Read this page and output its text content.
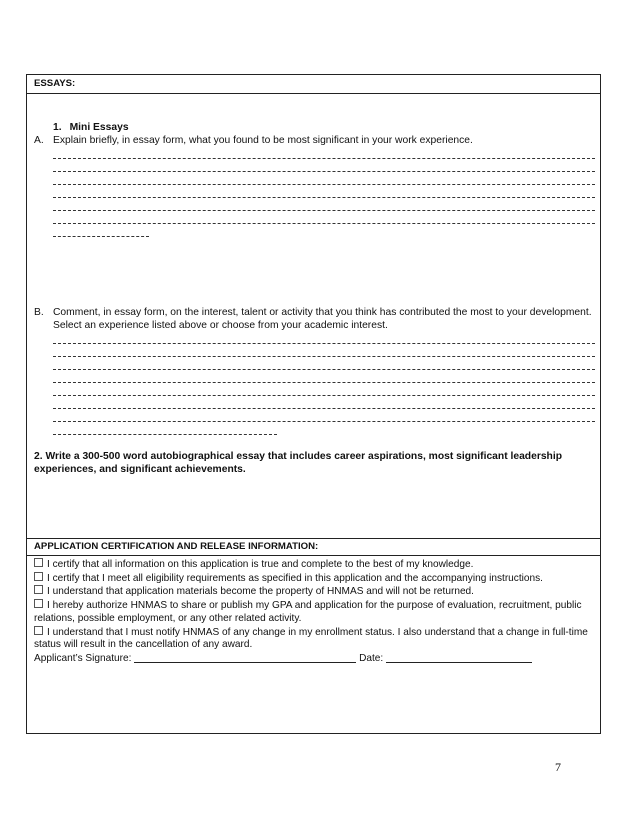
ESSAYS:
1. Mini Essays
A. Explain briefly, in essay form, what you found to be most significant in your work experience.
B. Comment, in essay form, on the interest, talent or activity that you think has contributed the most to your development. Select an experience listed above or choose from your academic interest.
2. Write a 300-500 word autobiographical essay that includes career aspirations, most significant leadership experiences, and significant achievements.
APPLICATION CERTIFICATION AND RELEASE INFORMATION:
I certify that all information on this application is true and complete to the best of my knowledge.
I certify that I meet all eligibility requirements as specified in this application and the accompanying instructions.
I understand that application materials become the property of HNMAS and will not be returned.
I hereby authorize HNMAS to share or publish my GPA and application for the purpose of evaluation, recruitment, public relations, possible employment, or any other related activity.
I understand that I must notify HNMAS of any change in my enrollment status. I also understand that a change in full-time status will result in the cancellation of any award.
Applicant’s Signature:	Date:
7
